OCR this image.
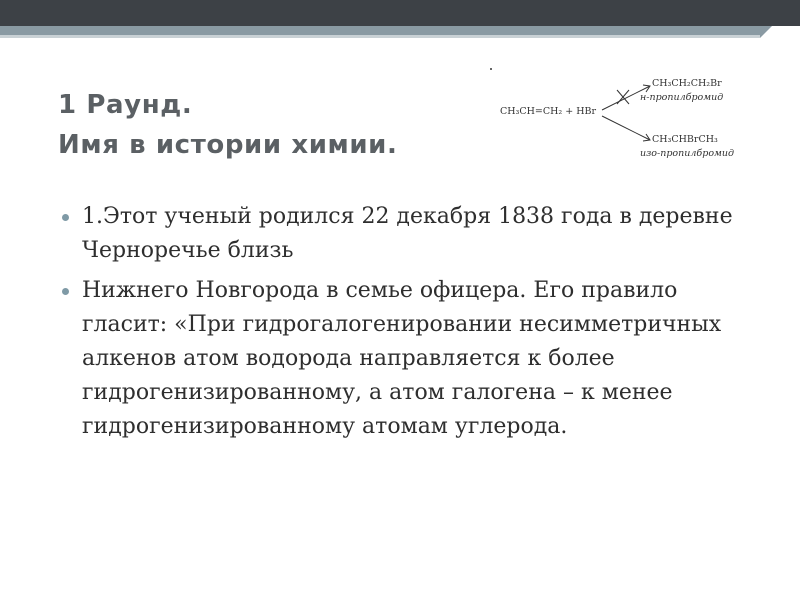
1 Раунд.
Имя в истории химии.
CH₃CH=CH₂ + HBr
CH₃CH₂CH₂Br
н-пропилбромид
CH₃CHBrCH₃
изо-пропилбромид
1.Этот ученый родился 22 декабря 1838 года в деревне Черноречье близь
Нижнего Новгорода в семье офицера. Его правило гласит: «При гидрогалогенировании несимметричных алкенов атом водорода направляется к более гидрогенизированному, а атом галогена – к менее гидрогенизированному атомам углерода.
